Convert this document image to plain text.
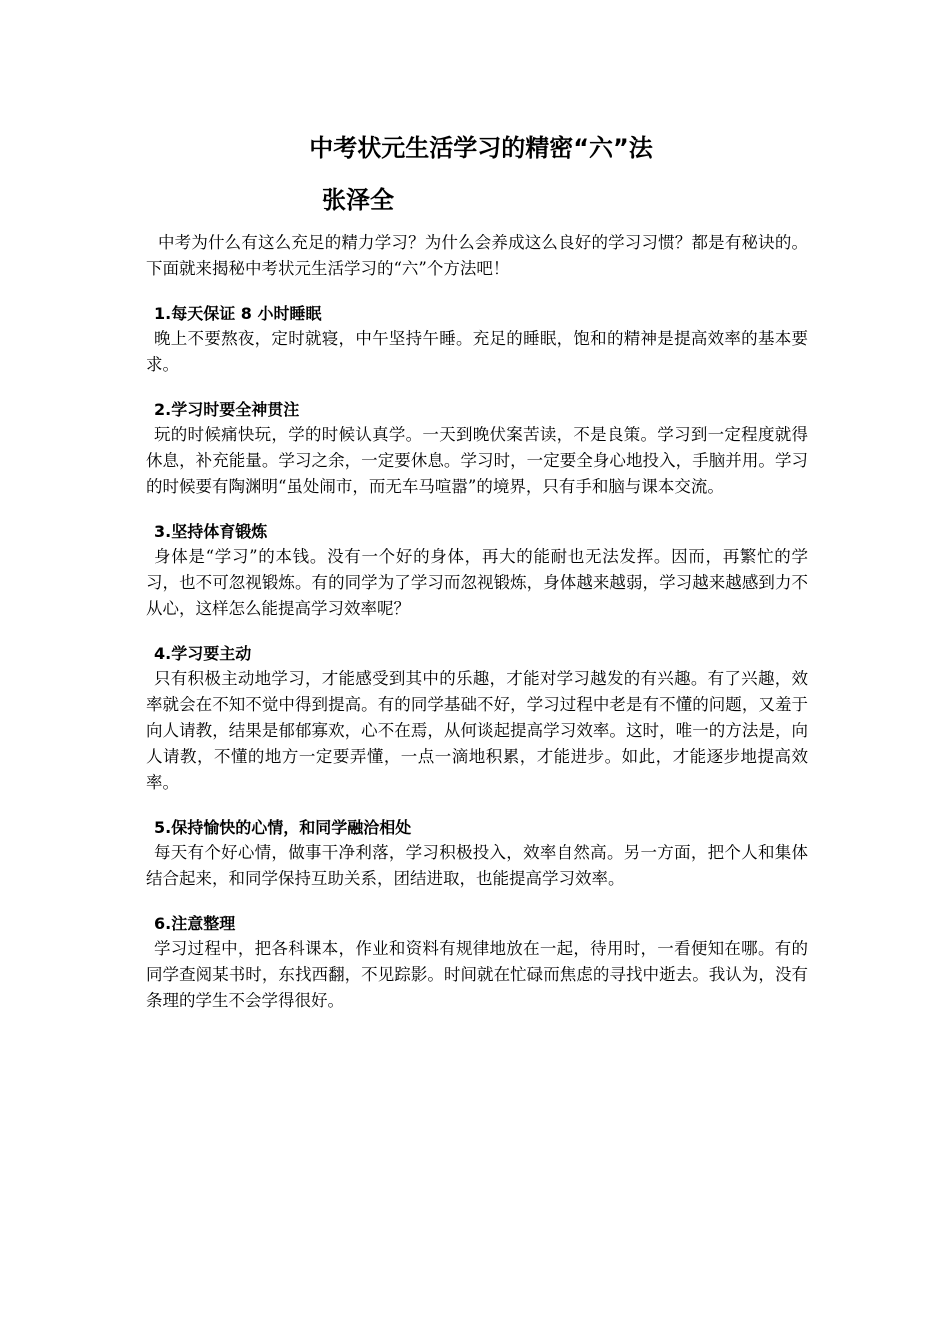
中考状元生活学习的精密“六”法
张泽全

中考为什么有这么充足的精力学习？为什么会养成这么良好的学习习惯？都是有秘诀的。下面就来揭秘中考状元生活学习的“六”个方法吧！

1.每天保证 8 小时睡眠

晚上不要熬夜，定时就寝，中午坚持午睡。充足的睡眠，饱和的精神是提高效率的基本要求。

2.学习时要全神贯注

玩的时候痛快玩，学的时候认真学。一天到晚伏案苦读，不是良策。学习到一定程度就得休息，补充能量。学习之余，一定要休息。学习时，一定要全身心地投入，手脑并用。学习的时候要有陶渊明“虽处闹市，而无车马喧嚣”的境界，只有手和脑与课本交流。

3.坚持体育锻炼

身体是“学习”的本钱。没有一个好的身体，再大的能耐也无法发挥。因而，再繁忙的学习，也不可忽视锻炼。有的同学为了学习而忽视锻炼，身体越来越弱，学习越来越感到力不从心，这样怎么能提高学习效率呢？

4.学习要主动

只有积极主动地学习，才能感受到其中的乐趣，才能对学习越发的有兴趣。有了兴趣，效率就会在不知不觉中得到提高。有的同学基础不好，学习过程中老是有不懂的问题，又羞于向人请教，结果是郁郁寡欢，心不在焉，从何谈起提高学习效率。这时，唯一的方法是，向人请教，不懂的地方一定要弄懂，一点一滴地积累，才能进步。如此，才能逐步地提高效率。

5.保持愉快的心情，和同学融洽相处

每天有个好心情，做事干净利落，学习积极投入，效率自然高。另一方面，把个人和集体结合起来，和同学保持互助关系，团结进取，也能提高学习效率。

6.注意整理

学习过程中，把各科课本，作业和资料有规律地放在一起，待用时，一看便知在哪。有的同学查阅某书时，东找西翻，不见踪影。时间就在忙碌而焦虑的寻找中逝去。我认为，没有条理的学生不会学得很好。
